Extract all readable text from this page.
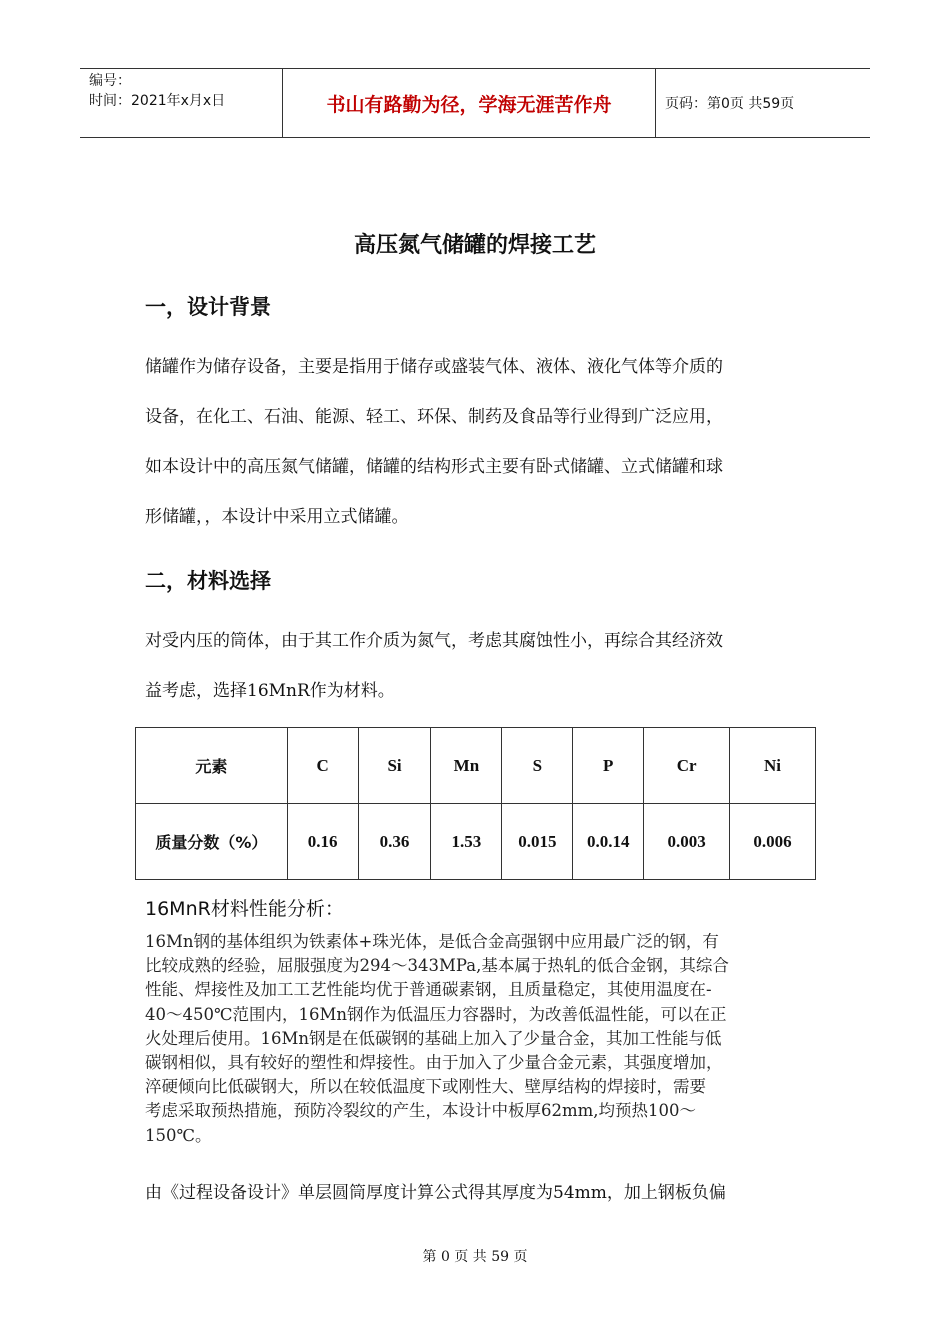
编号：
时间：2021年x月x日	书山有路勤为径，学海无涯苦作舟	页码：第0页 共59页
高压氮气储罐的焊接工艺
一，设计背景

储罐作为储存设备，主要是指用于储存或盛装气体、液体、液化气体等介质的

设备，在化工、石油、能源、轻工、环保、制药及食品等行业得到广泛应用，

如本设计中的高压氮气储罐，储罐的结构形式主要有卧式储罐、立式储罐和球

形储罐，，本设计中采用立式储罐。

二，材料选择

对受内压的筒体，由于其工作介质为氮气，考虑其腐蚀性小，再综合其经济效

益考虑，选择16MnR作为材料。

元素	C	Si	Mn	S	P	Cr	Ni
质量分数（%）	0.16	0.36	1.53	0.015	0.0.14	0.003	0.006
16MnR材料性能分析：

16Mn钢的基体组织为铁素体+珠光体，是低合金高强钢中应用最广泛的钢，有

比较成熟的经验，屈服强度为294～343MPa,基本属于热轧的低合金钢，其综合

性能、焊接性及加工工艺性能均优于普通碳素钢，且质量稳定，其使用温度在-

40～450℃范围内，16Mn钢作为低温压力容器时，为改善低温性能，可以在正

火处理后使用。16Mn钢是在低碳钢的基础上加入了少量合金，其加工性能与低

碳钢相似，具有较好的塑性和焊接性。由于加入了少量合金元素，其强度增加，

淬硬倾向比低碳钢大，所以在较低温度下或刚性大、壁厚结构的焊接时，需要

考虑采取预热措施，预防冷裂纹的产生，本设计中板厚62mm,均预热100～

150℃。

由《过程设备设计》单层圆筒厚度计算公式得其厚度为54mm，加上钢板负偏
第 0 页 共 59 页
